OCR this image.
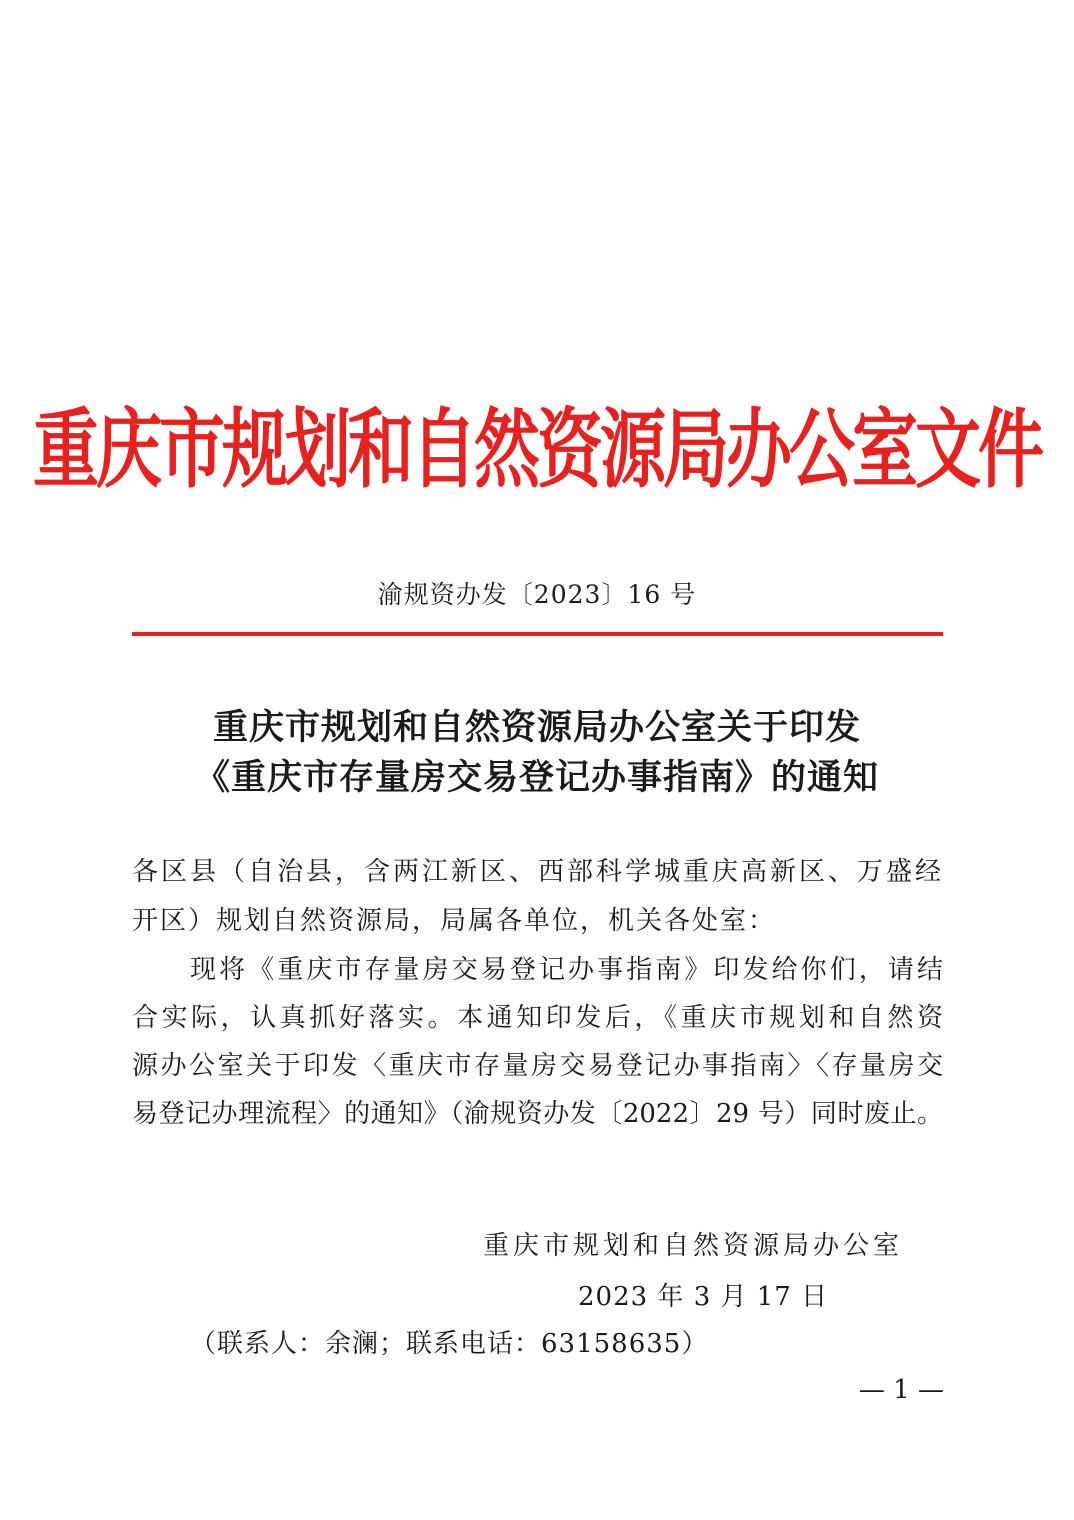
重庆市规划和自然资源局办公室文件
渝规资办发〔2023〕16 号
重庆市规划和自然资源局办公室关于印发
《重庆市存量房交易登记办事指南》的通知
各区县（自治县，含两江新区、西部科学城重庆高新区、万盛经
开区）规划自然资源局，局属各单位，机关各处室：
现将《重庆市存量房交易登记办事指南》印发给你们，请结
合实际，认真抓好落实。本通知印发后，《重庆市规划和自然资
源办公室关于印发〈重庆市存量房交易登记办事指南〉〈存量房交
易登记办理流程〉的通知》（渝规资办发〔2022〕29 号）同时废止。
重庆市规划和自然资源局办公室
2023 年 3 月 17 日
（联系人：余澜；联系电话：63158635）
— 1 —
